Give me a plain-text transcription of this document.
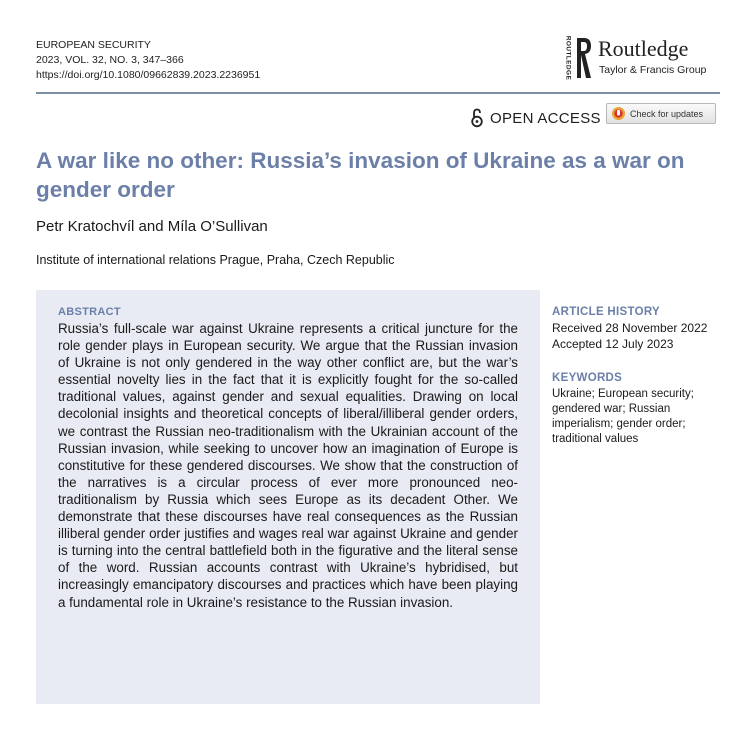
EUROPEAN SECURITY
2023, VOL. 32, NO. 3, 347–366
https://doi.org/10.1080/09662839.2023.2236951	ROUTLEDGE Routledge
Taylor & Francis Group
OPEN ACCESS	Check for updates
A war like no other: Russia’s invasion of Ukraine as a war on gender order
Petr Kratochvíl and Míla O’Sullivan
Institute of international relations Prague, Praha, Czech Republic
ABSTRACT

Russia’s full-scale war against Ukraine represents a critical juncture for the role gender plays in European security. We argue that the Russian invasion of Ukraine is not only gendered in the way other conflict are, but the war’s essential novelty lies in the fact that it is explicitly fought for the so-called traditional values, against gender and sexual equalities. Drawing on local decolonial insights and theoretical concepts of liberal/illiberal gender orders, we contrast the Russian neo-traditionalism with the Ukrainian account of the Russian invasion, while seeking to uncover how an imagination of Europe is constitutive for these gendered discourses. We show that the construction of the narratives is a circular process of ever more pronounced neo-traditionalism by Russia which sees Europe as its decadent Other. We demonstrate that these discourses have real consequences as the Russian illiberal gender order justifies and wages real war against Ukraine and gender is turning into the central battlefield both in the figurative and the literal sense of the word. Russian accounts contrast with Ukraine’s hybridised, but increasingly emancipatory discourses and practices which have been playing a fundamental role in Ukraine’s resistance to the Russian invasion.

ARTICLE HISTORY
Received 28 November 2022
Accepted 12 July 2023
KEYWORDS
Ukraine; European security; gendered war; Russian imperialism; gender order; traditional values
